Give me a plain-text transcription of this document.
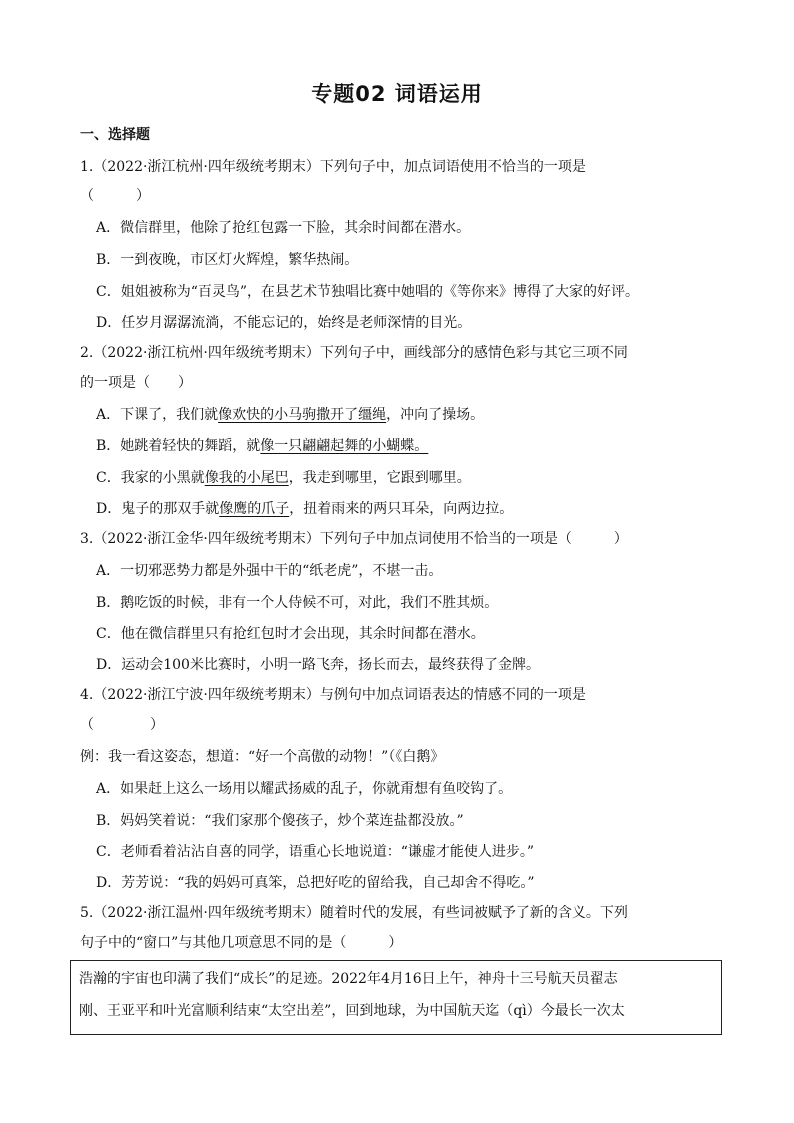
专题02 词语运用
一、选择题
1.（2022·浙江杭州·四年级统考期末）下列句子中，加点词语使用不恰当的一项是
（　　　）
A．微信群里，他除了抢红包露一下脸，其余时间都在潜水。
B．一到夜晚，市区灯火辉煌，繁华热闹。
C．姐姐被称为“百灵鸟”，在县艺术节独唱比赛中她唱的《等你来》博得了大家的好评。
D．任岁月潺潺流淌，不能忘记的，始终是老师深情的目光。
2.（2022·浙江杭州·四年级统考期末）下列句子中，画线部分的感情色彩与其它三项不同
的一项是（　　）
A．下课了，我们就像欢快的小马驹撒开了缰绳，冲向了操场。
B．她跳着轻快的舞蹈，就像一只翩翩起舞的小蝴蝶。
C．我家的小黑就像我的小尾巴，我走到哪里，它跟到哪里。
D．鬼子的那双手就像鹰的爪子，扭着雨来的两只耳朵，向两边拉。
3.（2022·浙江金华·四年级统考期末）下列句子中加点词使用不恰当的一项是（　　　）
A．一切邪恶势力都是外强中干的“纸老虎”，不堪一击。
B．鹅吃饭的时候，非有一个人侍候不可，对此，我们不胜其烦。
C．他在微信群里只有抢红包时才会出现，其余时间都在潜水。
D．运动会100米比赛时，小明一路飞奔，扬长而去，最终获得了金牌。
4.（2022·浙江宁波·四年级统考期末）与例句中加点词语表达的情感不同的一项是
（　　　　）
例：我一看这姿态，想道：“好一个高傲的动物！”（《白鹅》
A．如果赶上这么一场用以耀武扬威的乱子，你就甭想有鱼咬钩了。
B．妈妈笑着说：“我们家那个傻孩子，炒个菜连盐都没放。”
C．老师看着沾沾自喜的同学，语重心长地说道：“谦虚才能使人进步。”
D．芳芳说：“我的妈妈可真笨，总把好吃的留给我，自己却舍不得吃。”
5.（2022·浙江温州·四年级统考期末）随着时代的发展，有些词被赋予了新的含义。下列
句子中的“窗口”与其他几项意思不同的是（　　　）
浩瀚的宇宙也印满了我们“成长”的足迹。2022年4月16日上午，神舟十三号航天员翟志
刚、王亚平和叶光富顺利结束“太空出差”，回到地球，为中国航天迄（qì）今最长一次太
